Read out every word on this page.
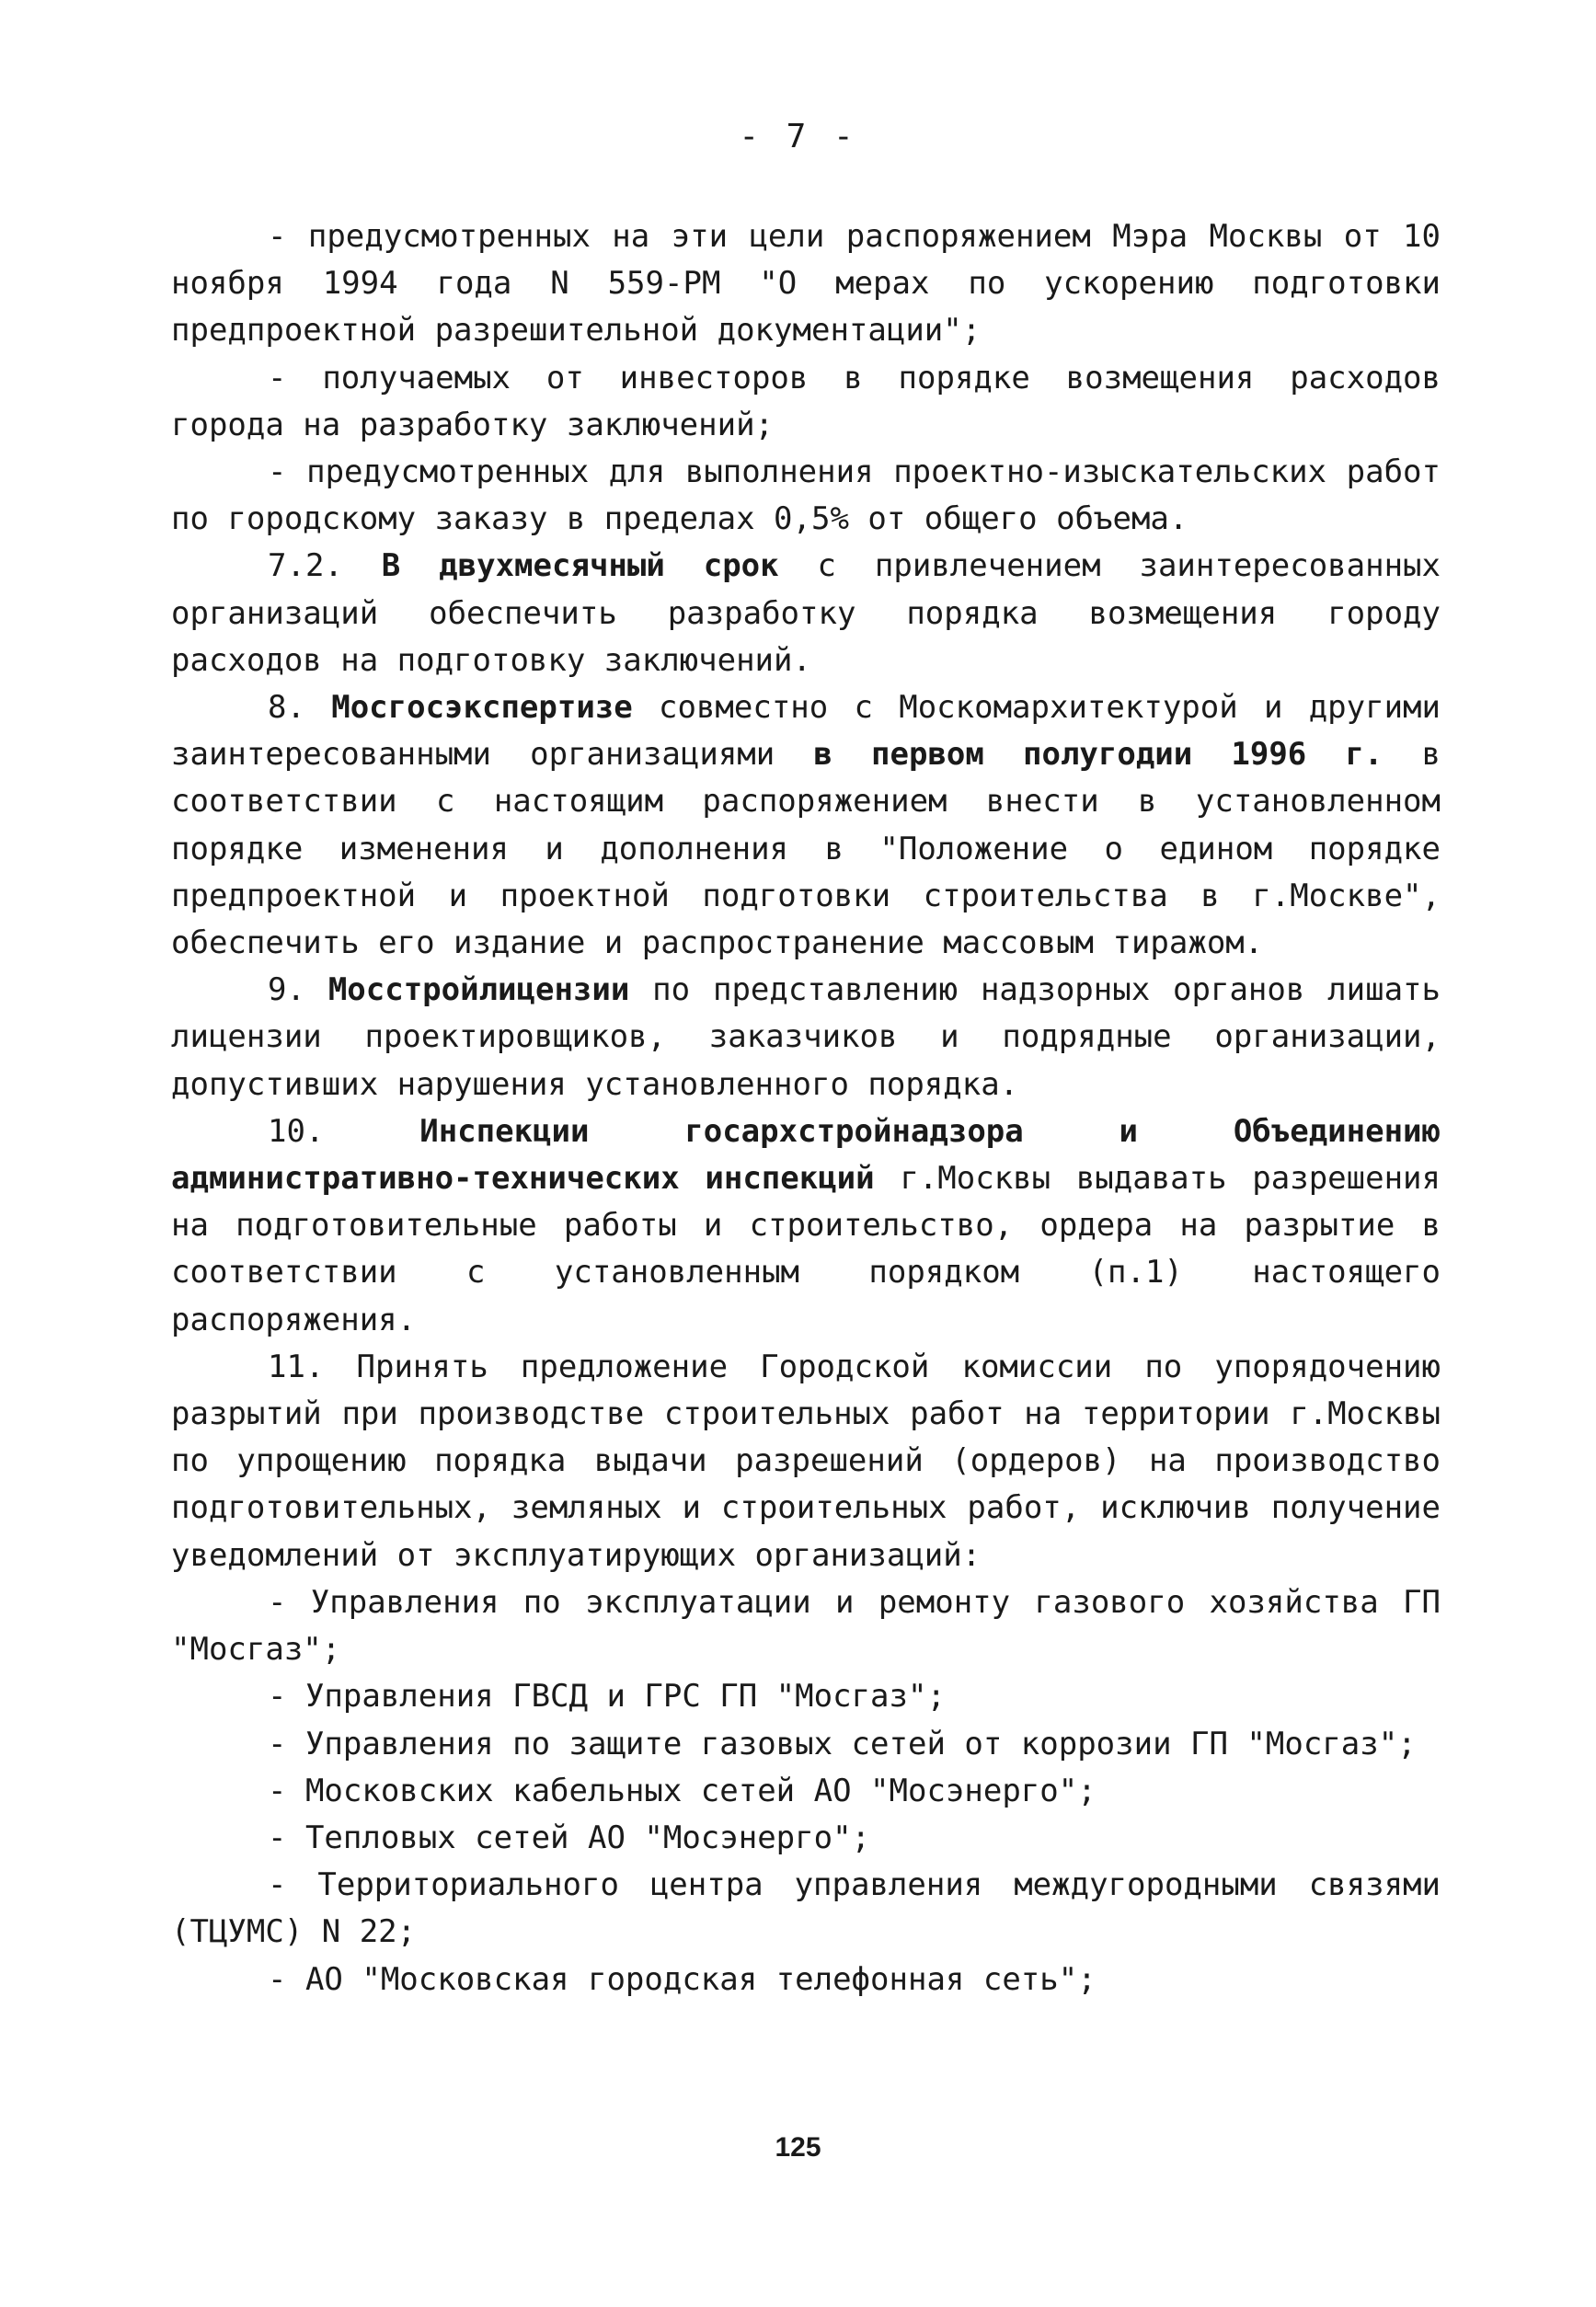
- 7 -

- предусмотренных на эти цели распоряжением Мэра Москвы от 10 ноября 1994 года N 559-РМ "О мерах по ускорению подготовки предпроектной разрешительной документации";

- получаемых от инвесторов в порядке возмещения расходов города на разработку заключений;

- предусмотренных для выполнения проектно-изыскательских работ по городскому заказу в пределах 0,5% от общего объема.

7.2. В двухмесячный срок с привлечением заинтересованных организаций обеспечить разработку порядка возмещения городу расходов на подготовку заключений.

8. Мосгосэкспертизе совместно с Москомархитектурой и другими заинтересованными организациями в первом полугодии 1996 г. в соответствии с настоящим распоряжением внести в установленном порядке изменения и дополнения в "Положение о едином порядке предпроектной и проектной подготовки строительства в г.Москве", обеспечить его издание и распространение массовым тиражом.

9. Мосстройлицензии по представлению надзорных органов лишать лицензии проектировщиков, заказчиков и подрядные организации, допустивших нарушения установленного порядка.

10. Инспекции госархстройнадзора и Объединению административно-технических инспекций г.Москвы выдавать разрешения на подготовительные работы и строительство, ордера на разрытие в соответствии с установленным порядком (п.1) настоящего распоряжения.

11. Принять предложение Городской комиссии по упорядочению разрытий при производстве строительных работ на территории г.Москвы по упрощению порядка выдачи разрешений (ордеров) на производство подготовительных, земляных и строительных работ, исключив получение уведомлений от эксплуатирующих организаций:

- Управления по эксплуатации и ремонту газового хозяйства ГП "Мосгаз";

- Управления ГВСД и ГРС ГП "Мосгаз";

- Управления по защите газовых сетей от коррозии ГП "Мосгаз";

- Московских кабельных сетей АО "Мосэнерго";

- Тепловых сетей АО "Мосэнерго";

- Территориального центра управления междугородными связями (ТЦУМС) N 22;

- АО "Московская городская телефонная сеть";

125
